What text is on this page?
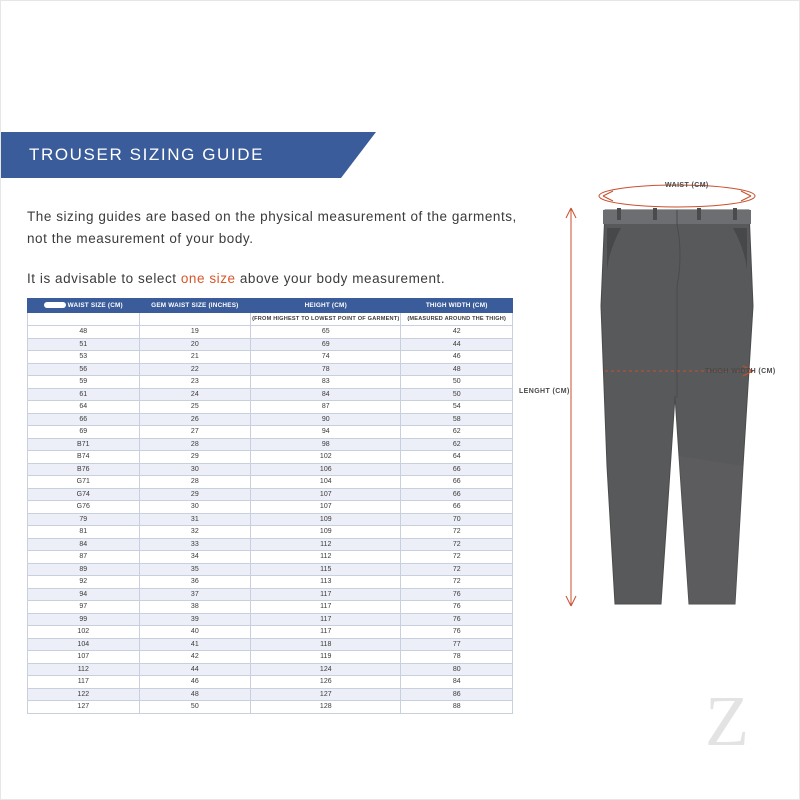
TROUSER SIZING GUIDE

The sizing guides are based on the physical measurement of the garments, not the measurement of your body.

It is advisable to select one size above your body measurement.

WAIST SIZE (CM)	GEM WAIST SIZE (INCHES)	HEIGHT (CM)	THIGH WIDTH (CM)
		(FROM HIGHEST TO LOWEST POINT OF GARMENT)	(MEASURED AROUND THE THIGH)
48	19	65	42
51	20	69	44
53	21	74	46
56	22	78	48
59	23	83	50
61	24	84	50
64	25	87	54
66	26	90	58
69	27	94	62
B71	28	98	62
B74	29	102	64
B76	30	106	66
G71	28	104	66
G74	29	107	66
G76	30	107	66
79	31	109	70
81	32	109	72
84	33	112	72
87	34	112	72
89	35	115	72
92	36	113	72
94	37	117	76
97	38	117	76
99	39	117	76
102	40	117	76
104	41	118	77
107	42	119	78
112	44	124	80
117	46	126	84
122	48	127	86
127	50	128	88
WAIST (CM)
THIGH WIDTH (CM)
LENGHT (CM)
Z
